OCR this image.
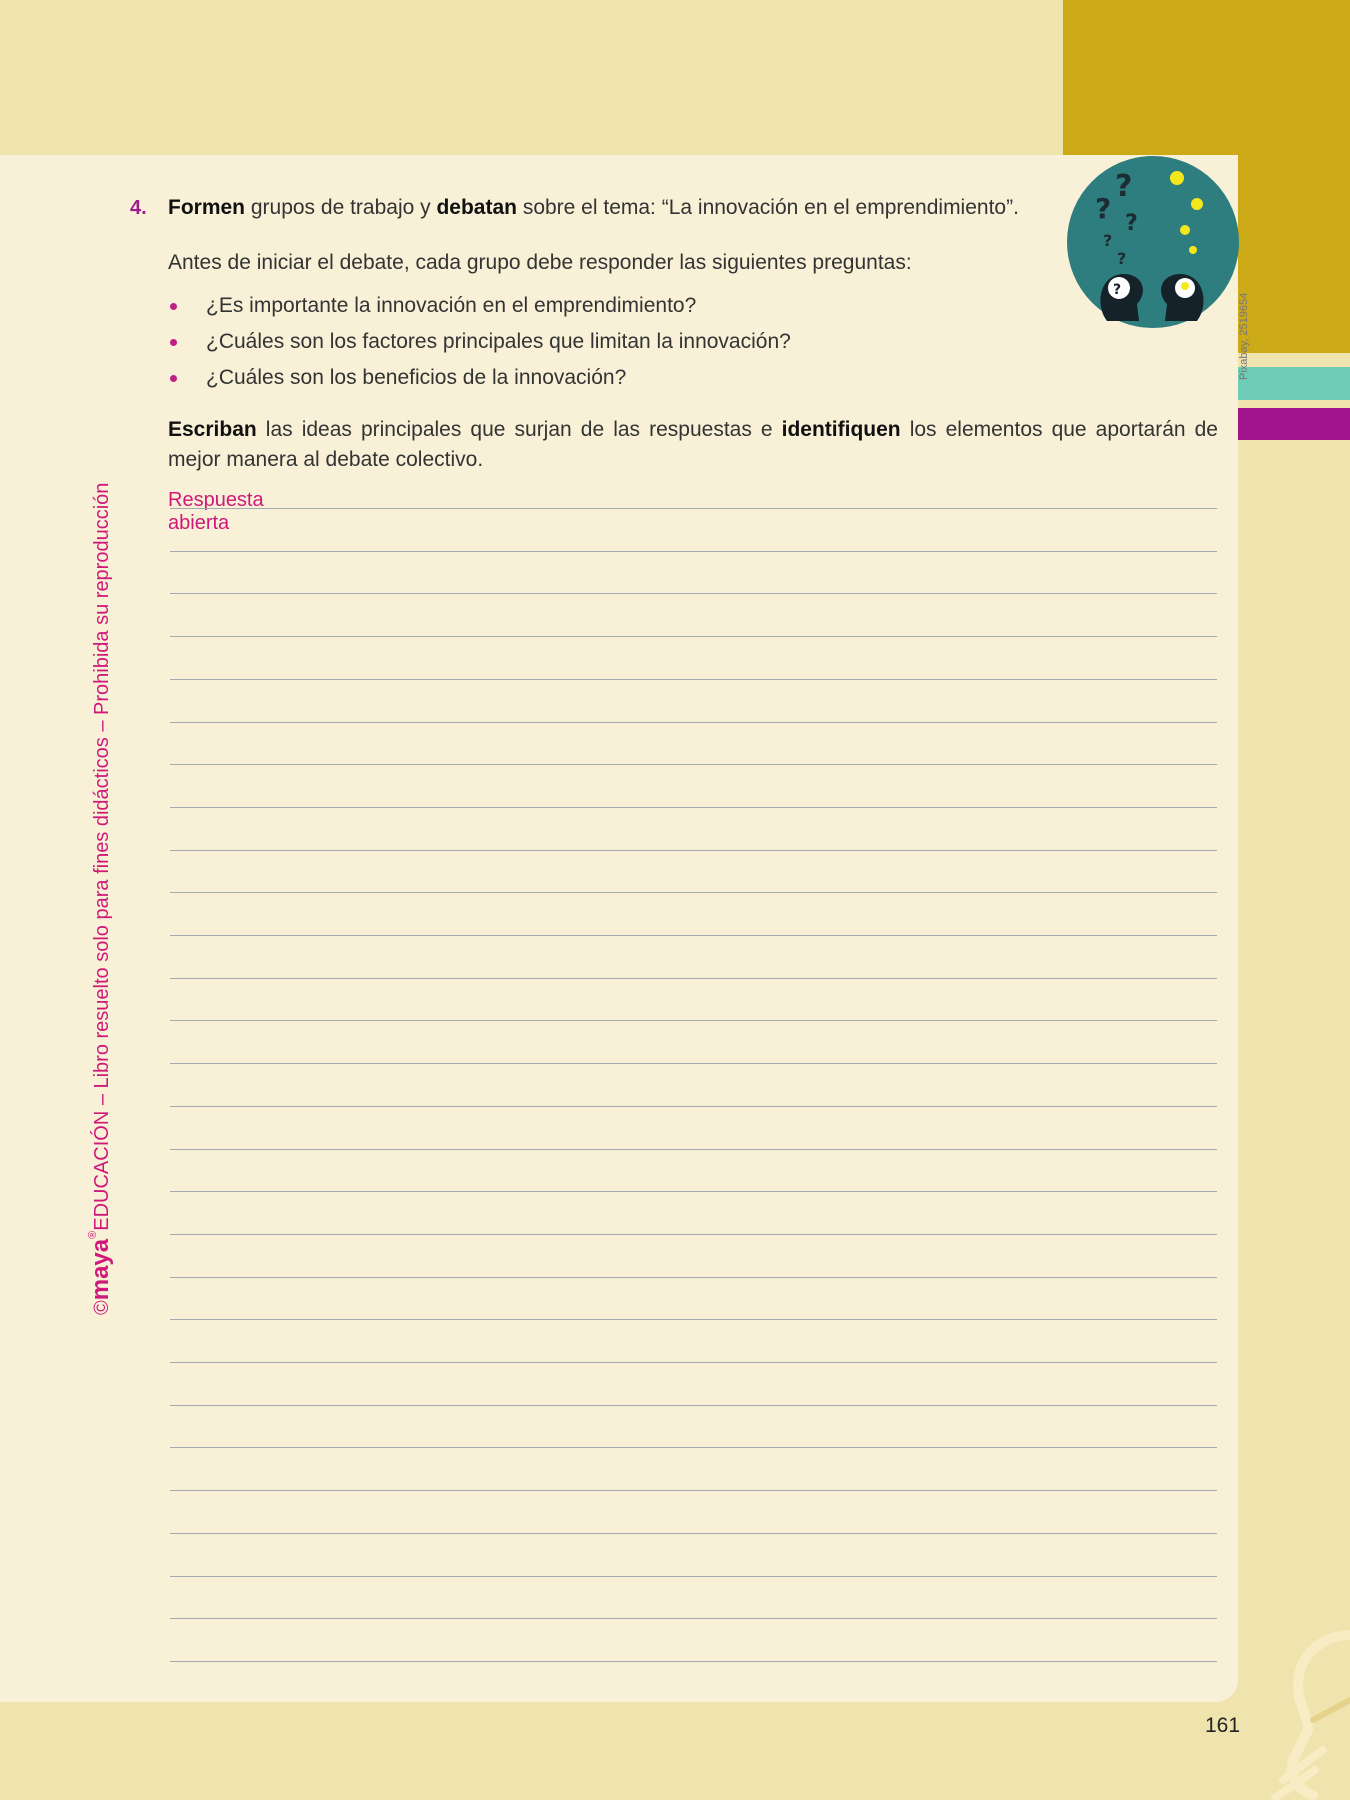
161
©maya®EDUCACIÓN – Libro resuelto solo para fines didácticos – Prohibida su reproducción
Pixabay, 2519654
?
? ?
?
?
?
4. Formen grupos de trabajo y debatan sobre el tema: “La innovación en el emprendimiento”.
Antes de iniciar el debate, cada grupo debe responder las siguientes preguntas:
¿Es importante la innovación en el emprendimiento?
¿Cuáles son los factores principales que limitan la innovación?
¿Cuáles son los beneficios de la innovación?
Escriban las ideas principales que surjan de las respuestas e identifiquen los elementos que aportarán de mejor manera al debate colectivo.
Respuesta abierta
